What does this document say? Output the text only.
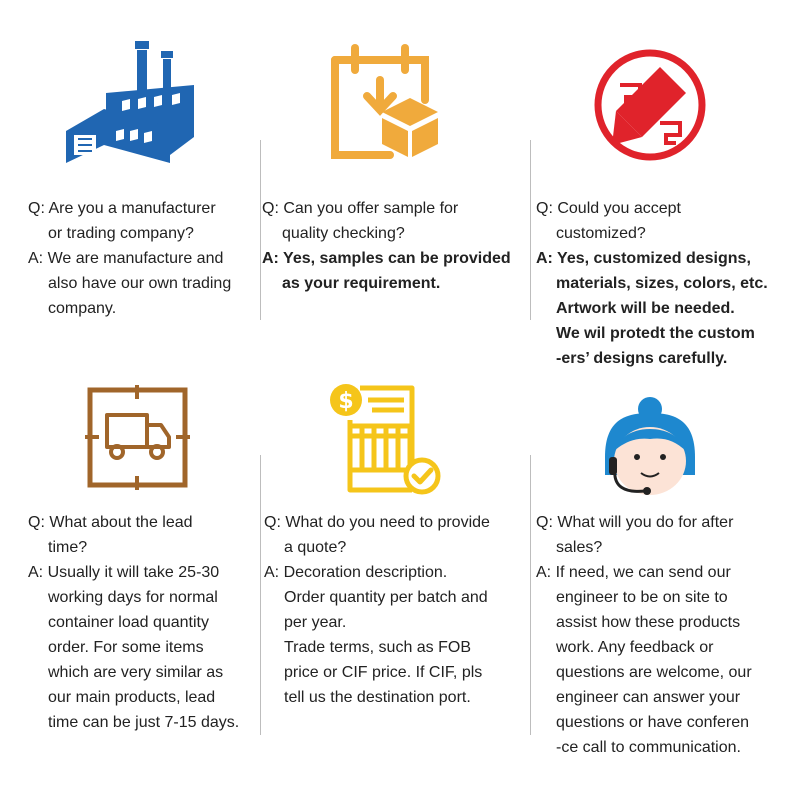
$
Q: Are you a manufacturer
or trading company?
A: We are manufacture and
also have our own trading
company.
Q: Can you offer sample for
quality checking?
A: Yes, samples can be provided
as your requirement.
Q: Could you accept
customized?
A: Yes, customized designs,
materials, sizes, colors, etc.
Artwork will be needed.
We wil protedt the custom
-ers’ designs carefully.
Q: What about the lead
time?
A: Usually it will take 25-30
working days for normal
container load quantity
order. For some items
which are very similar as
our main products, lead
time can be just 7-15 days.
Q: What do you need to provide
a quote?
A: Decoration description.
Order quantity per batch and
per year.
Trade terms, such as FOB
price or CIF price. If CIF, pls
tell us the destination port.
Q: What will you do for after
sales?
A: If need, we can send our
engineer to be on site to
assist how these products
work. Any feedback or
questions are welcome, our
engineer can answer your
questions or have conferen
-ce call to communication.
